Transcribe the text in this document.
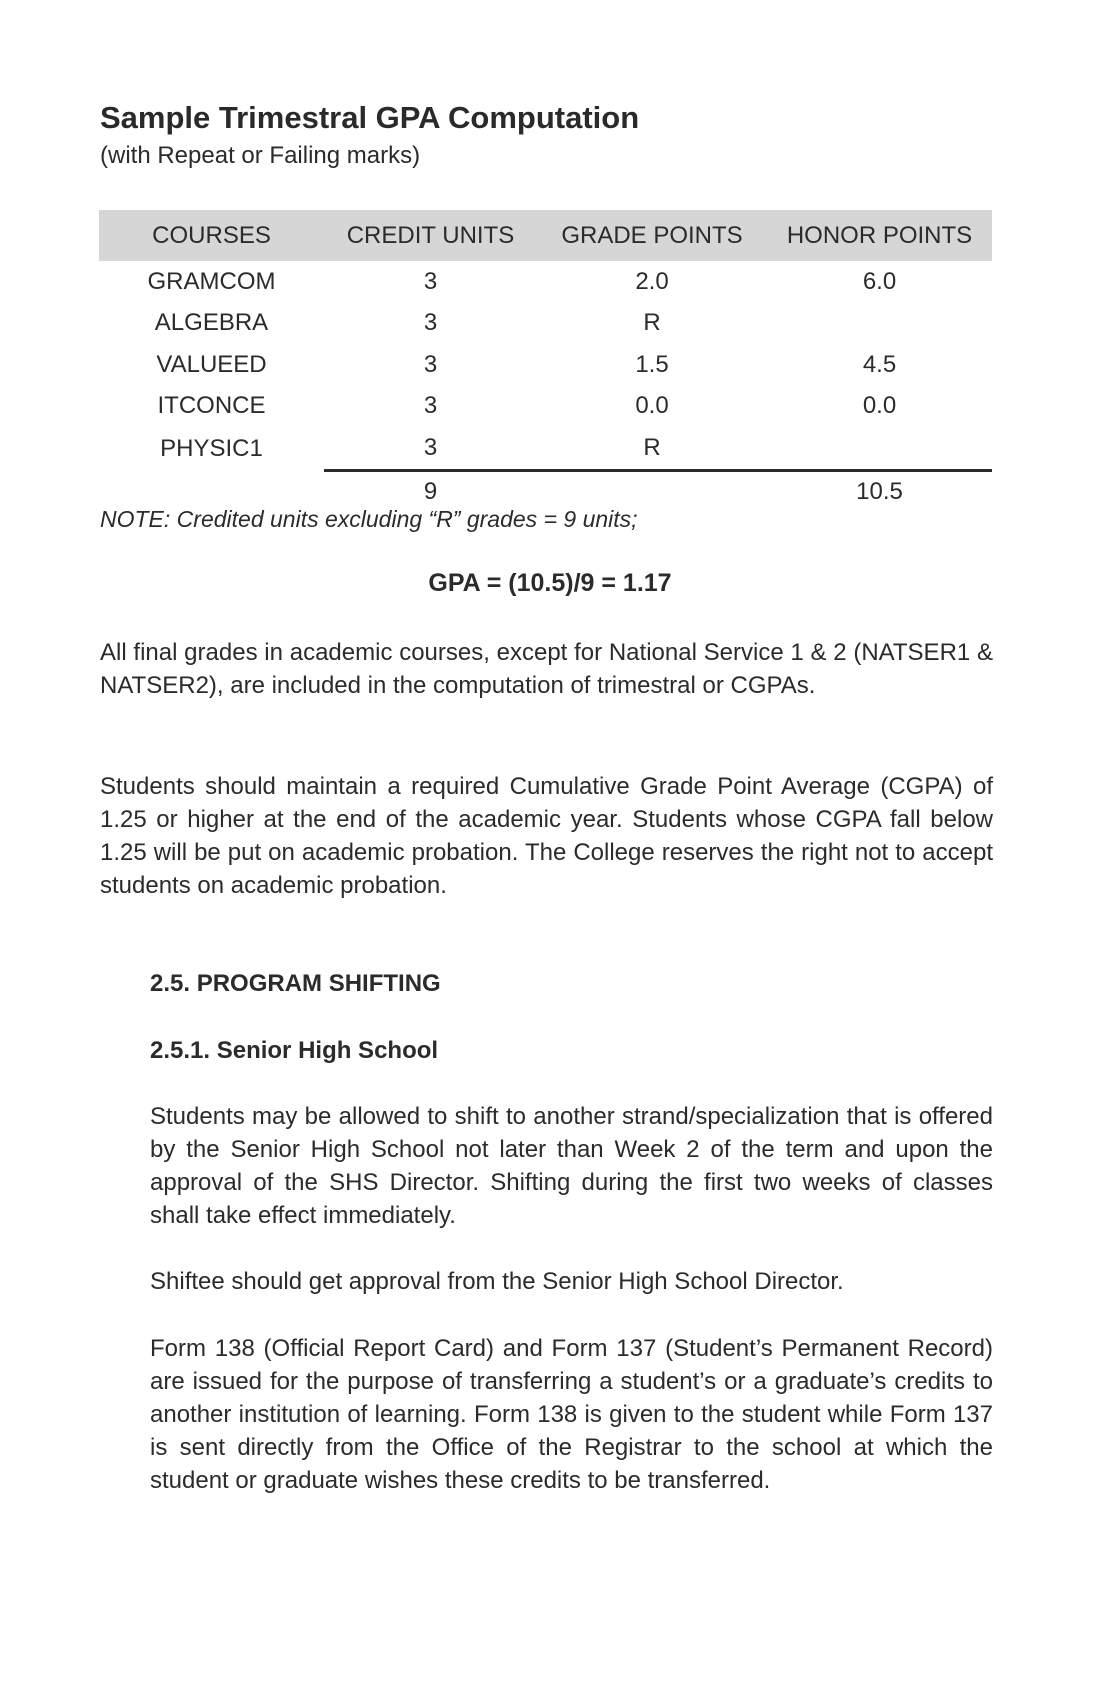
Sample Trimestral GPA Computation

(with Repeat or Failing marks)

COURSES	CREDIT UNITS	GRADE POINTS	HONOR POINTS
GRAMCOM	3	2.0	6.0
ALGEBRA	3	R	
VALUEED	3	1.5	4.5
ITCONCE	3	0.0	0.0
PHYSIC1	3	R	
	9		10.5

NOTE: Credited units excluding “R” grades = 9 units;

GPA = (10.5)/9 = 1.17

All final grades in academic courses, except for National Service 1 & 2 (NATSER1 & NATSER2), are included in the computation of trimestral or CGPAs.

Students should maintain a required Cumulative Grade Point Average (CGPA) of 1.25 or higher at the end of the academic year. Students whose CGPA fall below 1.25 will be put on academic probation. The College reserves the right not to accept students on academic probation.

2.5. PROGRAM SHIFTING
2.5.1. Senior High School

Students may be allowed to shift to another strand/specialization that is offered by the Senior High School not later than Week 2 of the term and upon the approval of the SHS Director. Shifting during the first two weeks of classes shall take effect immediately.

Shiftee should get approval from the Senior High School Director.

Form 138 (Official Report Card) and Form 137 (Student’s Permanent Record) are issued for the purpose of transferring a student’s or a graduate’s credits to another institution of learning. Form 138 is given to the student while Form 137 is sent directly from the Office of the Registrar to the school at which the student or graduate wishes these credits to be transferred.
